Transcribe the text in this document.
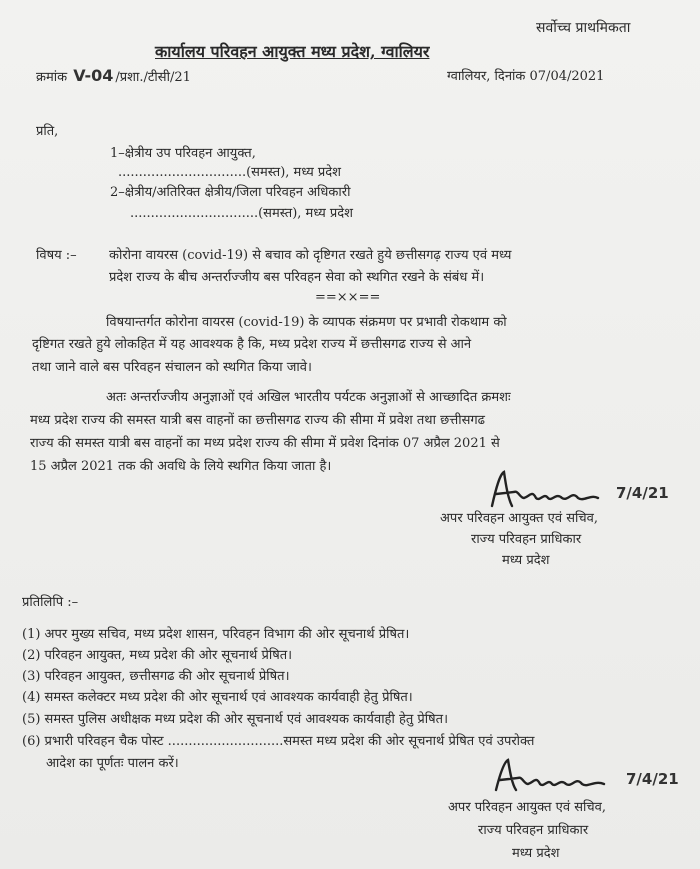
सर्वोच्च प्राथमिकता
कार्यालय परिवहन आयुक्त मध्य प्रदेश, ग्वालियर
क्रमांक V-04 /प्रशा./टीसी/21	ग्वालियर, दिनांक 07/04/2021
प्रति,
1–क्षेत्रीय उप परिवहन आयुक्त,
...............................(समस्त), मध्य प्रदेश
2–क्षेत्रीय/अतिरिक्त क्षेत्रीय/जिला परिवहन अधिकारी
...............................(समस्त), मध्य प्रदेश
विषय :– कोरोना वायरस (covid-19) से बचाव को दृष्टिगत रखते हुये छत्तीसगढ़ राज्य एवं मध्य
प्रदेश राज्य के बीच अन्तर्राज्जीय बस परिवहन सेवा को स्थगित रखने के संबंध में।
==××==
विषयान्तर्गत कोरोना वायरस (covid-19) के व्यापक संक्रमण पर प्रभावी रोकथाम को
दृष्टिगत रखते हुये लोकहित में यह आवश्यक है कि, मध्य प्रदेश राज्य में छत्तीसगढ राज्य से आने
तथा जाने वाले बस परिवहन संचालन को स्थगित किया जावे।
अतः अन्तर्राज्जीय अनुज्ञाओं एवं अखिल भारतीय पर्यटक अनुज्ञाओं से आच्छादित क्रमशः
मध्य प्रदेश राज्य की समस्त यात्री बस वाहनों का छत्तीसगढ राज्य की सीमा में प्रवेश तथा छत्तीसगढ
राज्य की समस्त यात्री बस वाहनों का मध्य प्रदेश राज्य की सीमा में प्रवेश दिनांक 07 अप्रैल 2021 से
15 अप्रैल 2021 तक की अवधि के लिये स्थगित किया जाता है।
7/4/21
अपर परिवहन आयुक्त एवं सचिव,
राज्य परिवहन प्राधिकार
मध्य प्रदेश
प्रतिलिपि :–
(1) अपर मुख्य सचिव, मध्य प्रदेश शासन, परिवहन विभाग की ओर सूचनार्थ प्रेषित।
(2) परिवहन आयुक्त, मध्य प्रदेश की ओर सूचनार्थ प्रेषित।
(3) परिवहन आयुक्त, छत्तीसगढ की ओर सूचनार्थ प्रेषित।
(4) समस्त कलेक्टर मध्य प्रदेश की ओर सूचनार्थ एवं आवश्यक कार्यवाही हेतु प्रेषित।
(5) समस्त पुलिस अधीक्षक मध्य प्रदेश की ओर सूचनार्थ एवं आवश्यक कार्यवाही हेतु प्रेषित।
(6) प्रभारी परिवहन चैक पोस्ट ............................समस्त मध्य प्रदेश की ओर सूचनार्थ प्रेषित एवं उपरोक्त
आदेश का पूर्णतः पालन करें।
7/4/21
अपर परिवहन आयुक्त एवं सचिव,
राज्य परिवहन प्राधिकार
मध्य प्रदेश
